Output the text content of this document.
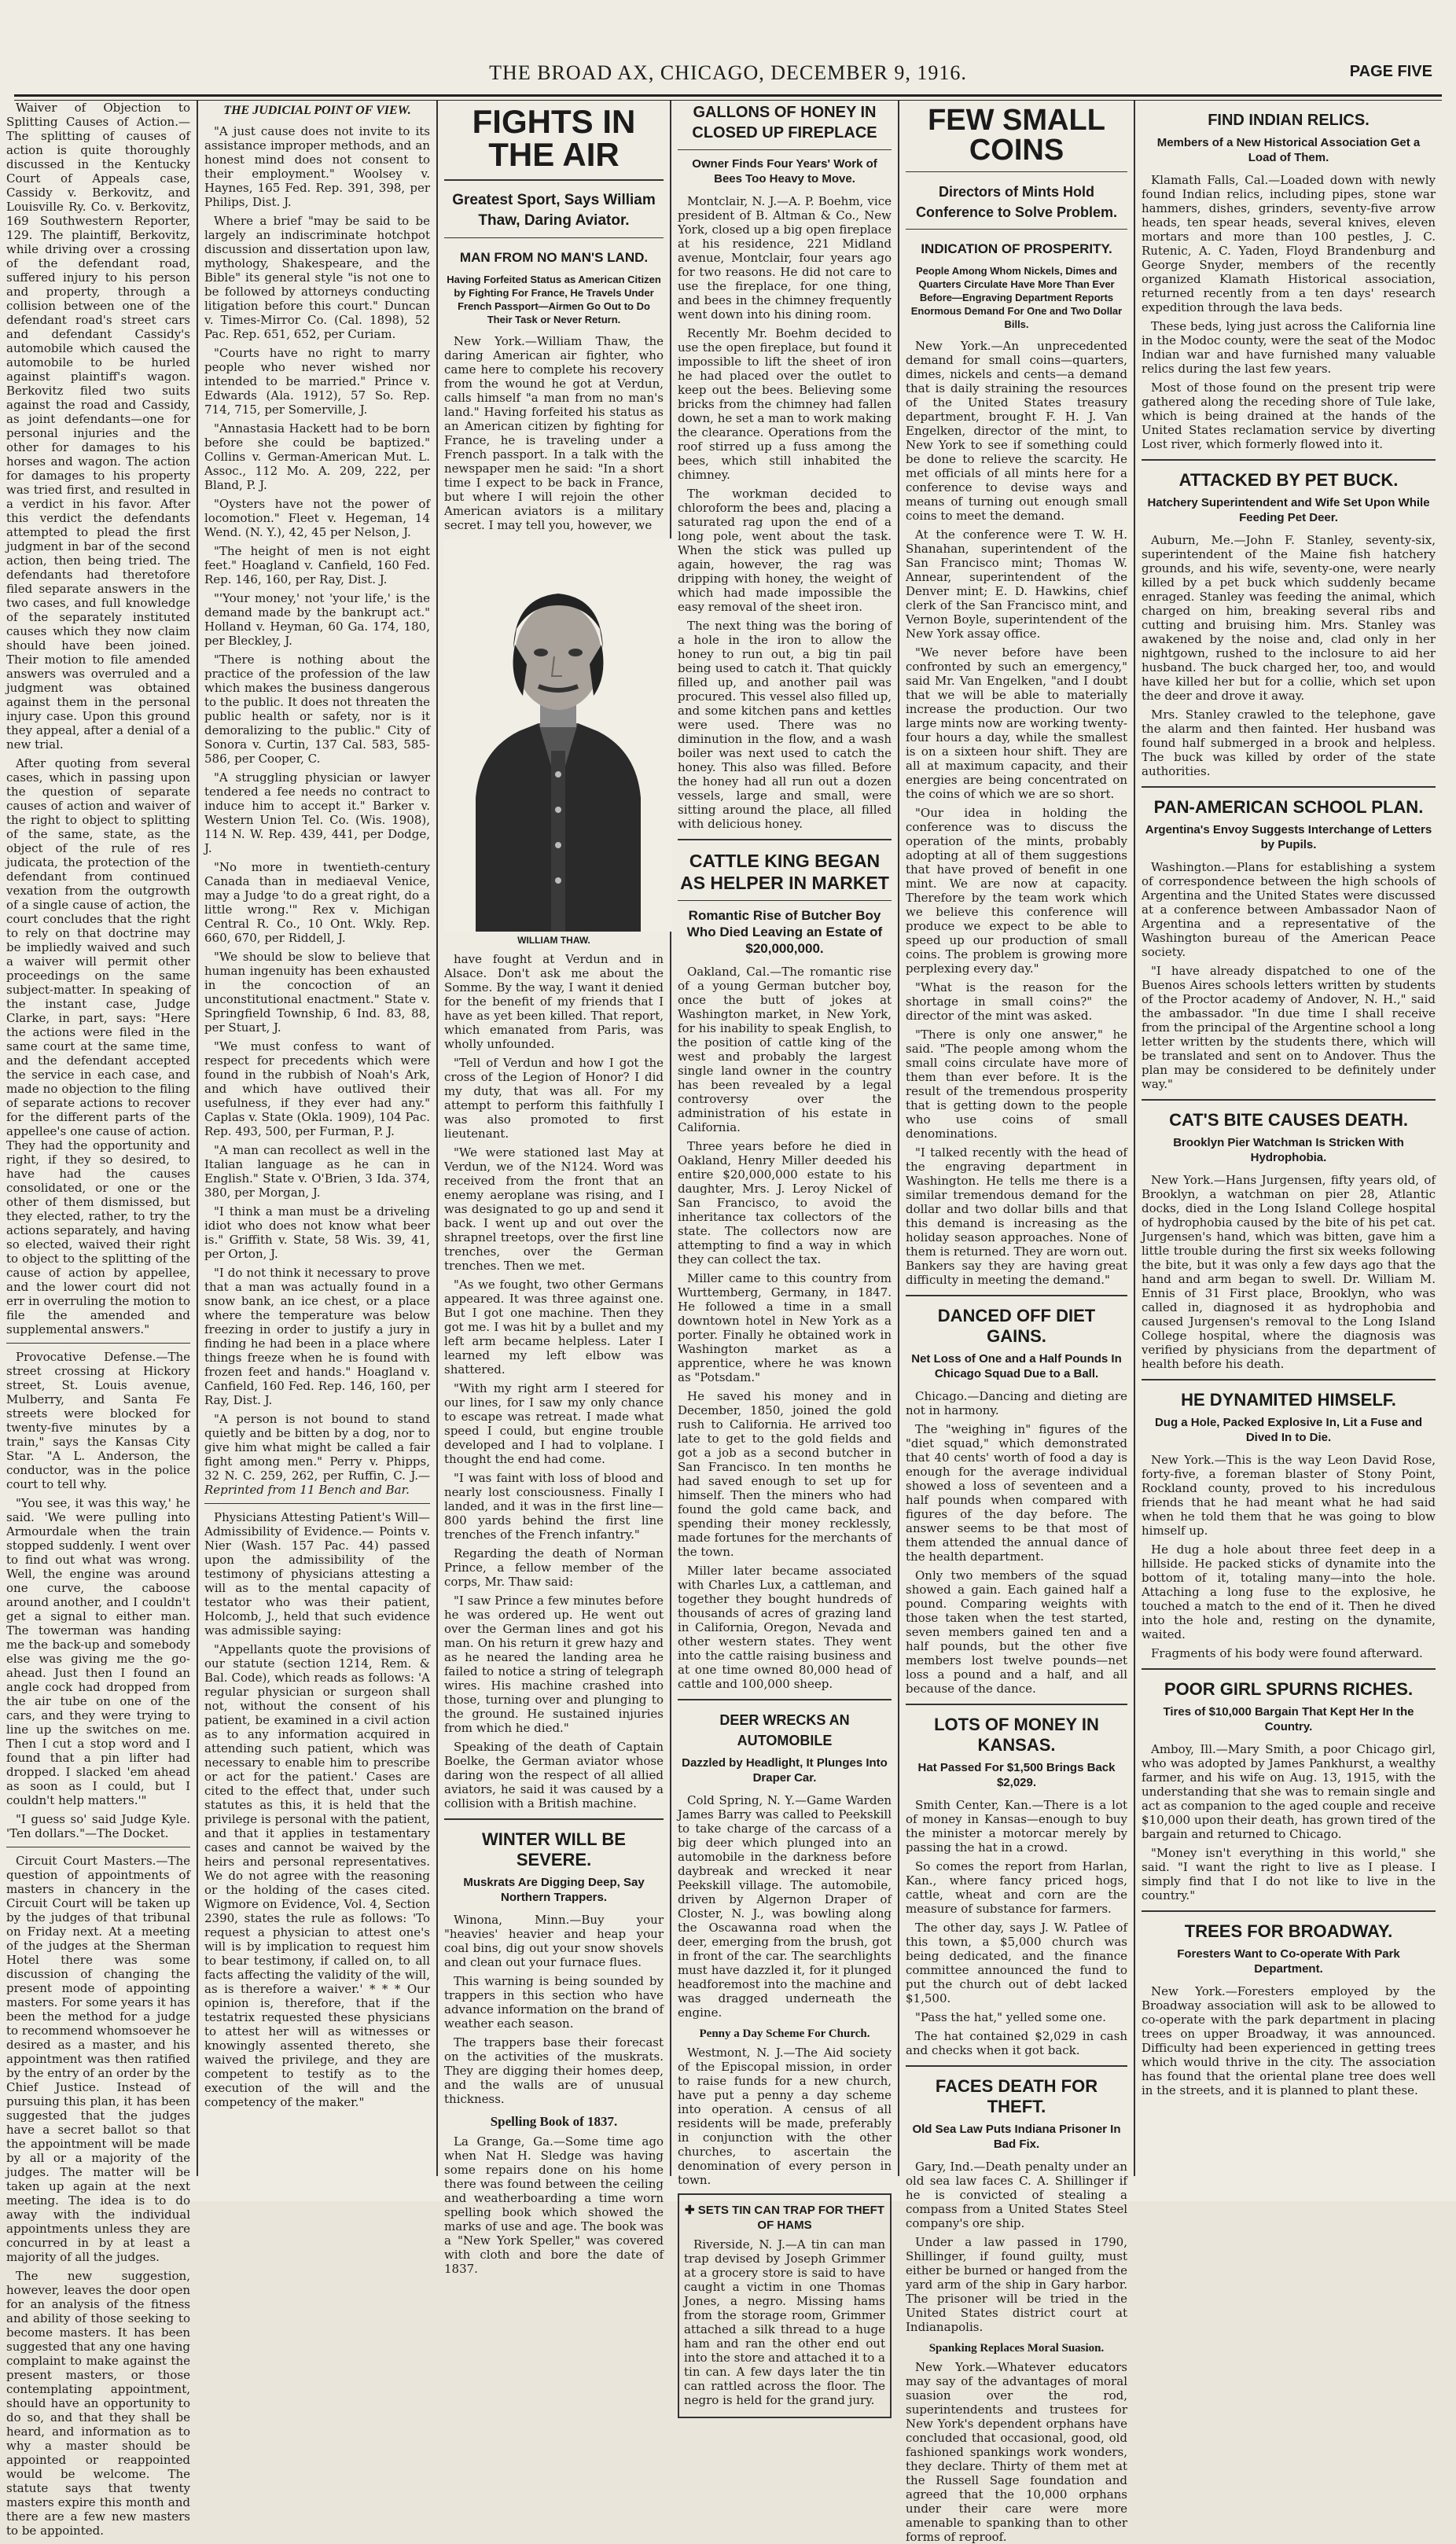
THE BROAD AX, CHICAGO, DECEMBER 9, 1916.	PAGE FIVE

Waiver of Objection to Splitting Causes of Action.—The splitting of causes of action is quite thoroughly discussed in the Kentucky Court of Appeals case, Cassidy v. Berkovitz, and Louisville Ry. Co. v. Berkovitz, 169 Southwestern Reporter, 129. The plaintiff, Berkovitz, while driving over a crossing of the defendant road, suffered injury to his person and property, through a collision between one of the defendant road's street cars and defendant Cassidy's automobile which caused the automobile to be hurled against plaintiff's wagon. Berkovitz filed two suits against the road and Cassidy, as joint defendants—one for personal injuries and the other for damages to his horses and wagon. The action for damages to his property was tried first, and resulted in a verdict in his favor. After this verdict the defendants attempted to plead the first judgment in bar of the second action, then being tried. The defendants had theretofore filed separate answers in the two cases, and full knowledge of the separately instituted causes which they now claim should have been joined. Their motion to file amended answers was overruled and a judgment was obtained against them in the personal injury case. Upon this ground they appeal, after a denial of a new trial.

After quoting from several cases, which in passing upon the question of separate causes of action and waiver of the right to object to splitting of the same, state, as the object of the rule of res judicata, the protection of the defendant from continued vexation from the outgrowth of a single cause of action, the court concludes that the right to rely on that doctrine may be impliedly waived and such a waiver will permit other proceedings on the same subject-matter. In speaking of the instant case, Judge Clarke, in part, says: "Here the actions were filed in the same court at the same time, and the defendant accepted the service in each case, and made no objection to the filing of separate actions to recover for the different parts of the appellee's one cause of action. They had the opportunity and right, if they so desired, to have had the causes consolidated, or one or the other of them dismissed, but they elected, rather, to try the actions separately, and having so elected, waived their right to object to the splitting of the cause of action by appellee, and the lower court did not err in overruling the motion to file the amended and supplemental answers."

Provocative Defense.—The street crossing at Hickory street, St. Louis avenue, Mulberry, and Santa Fe streets were blocked for twenty-five minutes by a train," says the Kansas City Star. "A L. Anderson, the conductor, was in the police court to tell why.

"You see, it was this way,' he said. 'We were pulling into Armourdale when the train stopped suddenly. I went over to find out what was wrong. Well, the engine was around one curve, the caboose around another, and I couldn't get a signal to either man. The towerman was handing me the back-up and somebody else was giving me the go-ahead. Just then I found an angle cock had dropped from the air tube on one of the cars, and they were trying to line up the switches on me. Then I cut a stop word and I found that a pin lifter had dropped. I slacked 'em ahead as soon as I could, but I couldn't help matters.'"

"I guess so' said Judge Kyle. 'Ten dollars."—The Docket.

Circuit Court Masters.—The question of appointments of masters in chancery in the Circuit Court will be taken up by the judges of that tribunal on Friday next. At a meeting of the judges at the Sherman Hotel there was some discussion of changing the present mode of appointing masters. For some years it has been the method for a judge to recommend whomsoever he desired as a master, and his appointment was then ratified by the entry of an order by the Chief Justice. Instead of pursuing this plan, it has been suggested that the judges have a secret ballot so that the appointment will be made by all or a majority of the judges. The matter will be taken up again at the next meeting. The idea is to do away with the individual appointments unless they are concurred in by at least a majority of all the judges.

The new suggestion, however, leaves the door open for an analysis of the fitness and ability of those seeking to become masters. It has been suggested that any one having complaint to make against the present masters, or those contemplating appointment, should have an opportunity to do so, and that they shall be heard, and information as to why a master should be appointed or reappointed would be welcome. The statute says that twenty masters expire this month and there are a few new masters to be appointed.

THE JUDICIAL POINT OF VIEW.

"A just cause does not invite to its assistance improper methods, and an honest mind does not consent to their employment." Woolsey v. Haynes, 165 Fed. Rep. 391, 398, per Philips, Dist. J.

Where a brief "may be said to be largely an indiscriminate hotchpot discussion and dissertation upon law, mythology, Shakespeare, and the Bible" its general style "is not one to be followed by attorneys conducting litigation before this court." Duncan v. Times-Mirror Co. (Cal. 1898), 52 Pac. Rep. 651, 652, per Curiam.

"Courts have no right to marry people who never wished nor intended to be married." Prince v. Edwards (Ala. 1912), 57 So. Rep. 714, 715, per Somerville, J.

"Annastasia Hackett had to be born before she could be baptized." Collins v. German-American Mut. L. Assoc., 112 Mo. A. 209, 222, per Bland, P. J.

"Oysters have not the power of locomotion." Fleet v. Hegeman, 14 Wend. (N. Y.), 42, 45 per Nelson, J.

"The height of men is not eight feet." Hoagland v. Canfield, 160 Fed. Rep. 146, 160, per Ray, Dist. J.

"'Your money,' not 'your life,' is the demand made by the bankrupt act." Holland v. Heyman, 60 Ga. 174, 180, per Bleckley, J.

"There is nothing about the practice of the profession of the law which makes the business dangerous to the public. It does not threaten the public health or safety, nor is it demoralizing to the public." City of Sonora v. Curtin, 137 Cal. 583, 585-586, per Cooper, C.

"A struggling physician or lawyer tendered a fee needs no contract to induce him to accept it." Barker v. Western Union Tel. Co. (Wis. 1908), 114 N. W. Rep. 439, 441, per Dodge, J.

"No more in twentieth-century Canada than in mediaeval Venice, may a Judge 'to do a great right, do a little wrong.'" Rex v. Michigan Central R. Co., 10 Ont. Wkly. Rep. 660, 670, per Riddell, J.

"We should be slow to believe that human ingenuity has been exhausted in the concoction of an unconstitutional enactment." State v. Springfield Township, 6 Ind. 83, 88, per Stuart, J.

"We must confess to want of respect for precedents which were found in the rubbish of Noah's Ark, and which have outlived their usefulness, if they ever had any." Caplas v. State (Okla. 1909), 104 Pac. Rep. 493, 500, per Furman, P. J.

"A man can recollect as well in the Italian language as he can in English." State v. O'Brien, 3 Ida. 374, 380, per Morgan, J.

"I think a man must be a driveling idiot who does not know what beer is." Griffith v. State, 58 Wis. 39, 41, per Orton, J.

"I do not think it necessary to prove that a man was actually found in a snow bank, an ice chest, or a place where the temperature was below freezing in order to justify a jury in finding he had been in a place where things freeze when he is found with frozen feet and hands." Hoagland v. Canfield, 160 Fed. Rep. 146, 160, per Ray, Dist. J.

"A person is not bound to stand quietly and be bitten by a dog, nor to give him what might be called a fair fight among men." Perry v. Phipps, 32 N. C. 259, 262, per Ruffin, C. J.— Reprinted from 11 Bench and Bar.

Physicians Attesting Patient's Will—Admissibility of Evidence.— Points v. Nier (Wash. 157 Pac. 44) passed upon the admissibility of the testimony of physicians attesting a will as to the mental capacity of testator who was their patient, Holcomb, J., held that such evidence was admissible saying:

"Appellants quote the provisions of our statute (section 1214, Rem. & Bal. Code), which reads as follows: 'A regular physician or surgeon shall not, without the consent of his patient, be examined in a civil action as to any information acquired in attending such patient, which was necessary to enable him to prescribe or act for the patient.' Cases are cited to the effect that, under such statutes as this, it is held that the privilege is personal with the patient, and that it applies in testamentary cases and cannot be waived by the heirs and personal representatives. We do not agree with the reasoning or the holding of the cases cited. Wigmore on Evidence, Vol. 4, Section 2390, states the rule as follows: 'To request a physician to attest one's will is by implication to request him to bear testimony, if called on, to all facts affecting the validity of the will, as is therefore a waiver.' * * * Our opinion is, therefore, that if the testatrix requested these physicians to attest her will as witnesses or knowingly assented thereto, she waived the privilege, and they are competent to testify as to the execution of the will and the competency of the maker."

FIGHTS IN THE AIR
Greatest Sport, Says William Thaw, Daring Aviator.
MAN FROM NO MAN'S LAND.
Having Forfeited Status as American Citizen by Fighting For France, He Travels Under French Passport—Airmen Go Out to Do Their Task or Never Return.

New York.—William Thaw, the daring American air fighter, who came here to complete his recovery from the wound he got at Verdun, calls himself "a man from no man's land." Having forfeited his status as an American citizen by fighting for France, he is traveling under a French passport. In a talk with the newspaper men he said: "In a short time I expect to be back in France, but where I will rejoin the other American aviators is a military secret. I may tell you, however, we

WILLIAM THAW.

have fought at Verdun and in Alsace. Don't ask me about the Somme. By the way, I want it denied for the benefit of my friends that I have as yet been killed. That report, which emanated from Paris, was wholly unfounded.

"Tell of Verdun and how I got the cross of the Legion of Honor? I did my duty, that was all. For my attempt to perform this faithfully I was also promoted to first lieutenant.

"We were stationed last May at Verdun, we of the N124. Word was received from the front that an enemy aeroplane was rising, and I was designated to go up and send it back. I went up and out over the shrapnel treetops, over the first line trenches, over the German trenches. Then we met.

"As we fought, two other Germans appeared. It was three against one. But I got one machine. Then they got me. I was hit by a bullet and my left arm became helpless. Later I learned my left elbow was shattered.

"With my right arm I steered for our lines, for I saw my only chance to escape was retreat. I made what speed I could, but engine trouble developed and I had to volplane. I thought the end had come.

"I was faint with loss of blood and nearly lost consciousness. Finally I landed, and it was in the first line—800 yards behind the first line trenches of the French infantry."

Regarding the death of Norman Prince, a fellow member of the corps, Mr. Thaw said:

"I saw Prince a few minutes before he was ordered up. He went out over the German lines and got his man. On his return it grew hazy and as he neared the landing area he failed to notice a string of telegraph wires. His machine crashed into those, turning over and plunging to the ground. He sustained injuries from which he died."

Speaking of the death of Captain Boelke, the German aviator whose daring won the respect of all allied aviators, he said it was caused by a collision with a British machine.

WINTER WILL BE SEVERE.
Muskrats Are Digging Deep, Say Northern Trappers.

Winona, Minn.—Buy your "heavies' heavier and heap your coal bins, dig out your snow shovels and clean out your furnace flues.

This warning is being sounded by trappers in this section who have advance information on the brand of weather each season.

The trappers base their forecast on the activities of the muskrats. They are digging their homes deep, and the walls are of unusual thickness.

Spelling Book of 1837.

La Grange, Ga.—Some time ago when Nat H. Sledge was having some repairs done on his home there was found between the ceiling and weatherboarding a time worn spelling book which showed the marks of use and age. The book was a "New York Speller," was covered with cloth and bore the date of 1837.

GALLONS OF HONEY IN CLOSED UP FIREPLACE
Owner Finds Four Years' Work of Bees Too Heavy to Move.

Montclair, N. J.—A. P. Boehm, vice president of B. Altman & Co., New York, closed up a big open fireplace at his residence, 221 Midland avenue, Montclair, four years ago for two reasons. He did not care to use the fireplace, for one thing, and bees in the chimney frequently went down into his dining room.

Recently Mr. Boehm decided to use the open fireplace, but found it impossible to lift the sheet of iron he had placed over the outlet to keep out the bees. Believing some bricks from the chimney had fallen down, he set a man to work making the clearance. Operations from the roof stirred up a fuss among the bees, which still inhabited the chimney.

The workman decided to chloroform the bees and, placing a saturated rag upon the end of a long pole, went about the task. When the stick was pulled up again, however, the rag was dripping with honey, the weight of which had made impossible the easy removal of the sheet iron.

The next thing was the boring of a hole in the iron to allow the honey to run out, a big tin pail being used to catch it. That quickly filled up, and another pail was procured. This vessel also filled up, and some kitchen pans and kettles were used. There was no diminution in the flow, and a wash boiler was next used to catch the honey. This also was filled. Before the honey had all run out a dozen vessels, large and small, were sitting around the place, all filled with delicious honey.

CATTLE KING BEGAN AS HELPER IN MARKET
Romantic Rise of Butcher Boy Who Died Leaving an Estate of $20,000,000.

Oakland, Cal.—The romantic rise of a young German butcher boy, once the butt of jokes at Washington market, in New York, for his inability to speak English, to the position of cattle king of the west and probably the largest single land owner in the country has been revealed by a legal controversy over the administration of his estate in California.

Three years before he died in Oakland, Henry Miller deeded his entire $20,000,000 estate to his daughter, Mrs. J. Leroy Nickel of San Francisco, to avoid the inheritance tax collectors of the state. The collectors now are attempting to find a way in which they can collect the tax.

Miller came to this country from Wurttemberg, Germany, in 1847. He followed a time in a small downtown hotel in New York as a porter. Finally he obtained work in Washington market as a apprentice, where he was known as "Potsdam."

He saved his money and in December, 1850, joined the gold rush to California. He arrived too late to get to the gold fields and got a job as a second butcher in San Francisco. In ten months he had saved enough to set up for himself. Then the miners who had found the gold came back, and spending their money recklessly, made fortunes for the merchants of the town.

Miller later became associated with Charles Lux, a cattleman, and together they bought hundreds of thousands of acres of grazing land in California, Oregon, Nevada and other western states. They went into the cattle raising business and at one time owned 80,000 head of cattle and 100,000 sheep.

DEER WRECKS AN AUTOMOBILE
Dazzled by Headlight, It Plunges Into Draper Car.

Cold Spring, N. Y.—Game Warden James Barry was called to Peekskill to take charge of the carcass of a big deer which plunged into an automobile in the darkness before daybreak and wrecked it near Peekskill village. The automobile, driven by Algernon Draper of Closter, N. J., was bowling along the Oscawanna road when the deer, emerging from the brush, got in front of the car. The searchlights must have dazzled it, for it plunged headforemost into the machine and was dragged underneath the engine.

Penny a Day Scheme For Church.

Westmont, N. J.—The Aid society of the Episcopal mission, in order to raise funds for a new church, have put a penny a day scheme into operation. A census of all residents will be made, preferably in conjunction with the other churches, to ascertain the denomination of every person in town.

✚ SETS TIN CAN TRAP FOR THEFT OF HAMS

Riverside, N. J.—A tin can man trap devised by Joseph Grimmer at a grocery store is said to have caught a victim in one Thomas Jones, a negro. Missing hams from the storage room, Grimmer attached a silk thread to a huge ham and ran the other end out into the store and attached it to a tin can. A few days later the tin can rattled across the floor. The negro is held for the grand jury.

FEW SMALL COINS
Directors of Mints Hold Conference to Solve Problem.
INDICATION OF PROSPERITY.
People Among Whom Nickels, Dimes and Quarters Circulate Have More Than Ever Before—Engraving Department Reports Enormous Demand For One and Two Dollar Bills.

New York.—An unprecedented demand for small coins—quarters, dimes, nickels and cents—a demand that is daily straining the resources of the United States treasury department, brought F. H. J. Van Engelken, director of the mint, to New York to see if something could be done to relieve the scarcity. He met officials of all mints here for a conference to devise ways and means of turning out enough small coins to meet the demand.

At the conference were T. W. H. Shanahan, superintendent of the San Francisco mint; Thomas W. Annear, superintendent of the Denver mint; E. D. Hawkins, chief clerk of the San Francisco mint, and Vernon Boyle, superintendent of the New York assay office.

"We never before have been confronted by such an emergency," said Mr. Van Engelken, "and I doubt that we will be able to materially increase the production. Our two large mints now are working twenty-four hours a day, while the smallest is on a sixteen hour shift. They are all at maximum capacity, and their energies are being concentrated on the coins of which we are so short.

"Our idea in holding the conference was to discuss the operation of the mints, probably adopting at all of them suggestions that have proved of benefit in one mint. We are now at capacity. Therefore by the team work which we believe this conference will produce we expect to be able to speed up our production of small coins. The problem is growing more perplexing every day."

"What is the reason for the shortage in small coins?" the director of the mint was asked.

"There is only one answer," he said. "The people among whom the small coins circulate have more of them than ever before. It is the result of the tremendous prosperity that is getting down to the people who use coins of small denominations.

"I talked recently with the head of the engraving department in Washington. He tells me there is a similar tremendous demand for the dollar and two dollar bills and that this demand is increasing as the holiday season approaches. None of them is returned. They are worn out. Bankers say they are having great difficulty in meeting the demand."

DANCED OFF DIET GAINS.
Net Loss of One and a Half Pounds In Chicago Squad Due to a Ball.

Chicago.—Dancing and dieting are not in harmony.

The "weighing in" figures of the "diet squad," which demonstrated that 40 cents' worth of food a day is enough for the average individual showed a loss of seventeen and a half pounds when compared with figures of the day before. The answer seems to be that most of them attended the annual dance of the health department.

Only two members of the squad showed a gain. Each gained half a pound. Comparing weights with those taken when the test started, seven members gained ten and a half pounds, but the other five members lost twelve pounds—net loss a pound and a half, and all because of the dance.

LOTS OF MONEY IN KANSAS.
Hat Passed For $1,500 Brings Back $2,029.

Smith Center, Kan.—There is a lot of money in Kansas—enough to buy the minister a motorcar merely by passing the hat in a crowd.

So comes the report from Harlan, Kan., where fancy priced hogs, cattle, wheat and corn are the measure of substance for farmers.

The other day, says J. W. Patlee of this town, a $5,000 church was being dedicated, and the finance committee announced the fund to put the church out of debt lacked $1,500.

"Pass the hat," yelled some one.

The hat contained $2,029 in cash and checks when it got back.

FACES DEATH FOR THEFT.
Old Sea Law Puts Indiana Prisoner In Bad Fix.

Gary, Ind.—Death penalty under an old sea law faces C. A. Shillinger if he is convicted of stealing a compass from a United States Steel company's ore ship.

Under a law passed in 1790, Shillinger, if found guilty, must either be burned or hanged from the yard arm of the ship in Gary harbor. The prisoner will be tried in the United States district court at Indianapolis.

Spanking Replaces Moral Suasion.

New York.—Whatever educators may say of the advantages of moral suasion over the rod, superintendents and trustees for New York's dependent orphans have concluded that occasional, good, old fashioned spankings work wonders, they declare. Thirty of them met at the Russell Sage foundation and agreed that the 10,000 orphans under their care were more amenable to spanking than to other forms of reproof.

FIND INDIAN RELICS.
Members of a New Historical Association Get a Load of Them.

Klamath Falls, Cal.—Loaded down with newly found Indian relics, including pipes, stone war hammers, dishes, grinders, seventy-five arrow heads, ten spear heads, several knives, eleven mortars and more than 100 pestles, J. C. Rutenic, A. C. Yaden, Floyd Brandenburg and George Snyder, members of the recently organized Klamath Historical association, returned recently from a ten days' research expedition through the lava beds.

These beds, lying just across the California line in the Modoc county, were the seat of the Modoc Indian war and have furnished many valuable relics during the last few years.

Most of those found on the present trip were gathered along the receding shore of Tule lake, which is being drained at the hands of the United States reclamation service by diverting Lost river, which formerly flowed into it.

ATTACKED BY PET BUCK.
Hatchery Superintendent and Wife Set Upon While Feeding Pet Deer.

Auburn, Me.—John F. Stanley, seventy-six, superintendent of the Maine fish hatchery grounds, and his wife, seventy-one, were nearly killed by a pet buck which suddenly became enraged. Stanley was feeding the animal, which charged on him, breaking several ribs and cutting and bruising him. Mrs. Stanley was awakened by the noise and, clad only in her nightgown, rushed to the inclosure to aid her husband. The buck charged her, too, and would have killed her but for a collie, which set upon the deer and drove it away.

Mrs. Stanley crawled to the telephone, gave the alarm and then fainted. Her husband was found half submerged in a brook and helpless. The buck was killed by order of the state authorities.

PAN-AMERICAN SCHOOL PLAN.
Argentina's Envoy Suggests Interchange of Letters by Pupils.

Washington.—Plans for establishing a system of correspondence between the high schools of Argentina and the United States were discussed at a conference between Ambassador Naon of Argentina and a representative of the Washington bureau of the American Peace society.

"I have already dispatched to one of the Buenos Aires schools letters written by students of the Proctor academy of Andover, N. H.," said the ambassador. "In due time I shall receive from the principal of the Argentine school a long letter written by the students there, which will be translated and sent on to Andover. Thus the plan may be considered to be definitely under way."

CAT'S BITE CAUSES DEATH.
Brooklyn Pier Watchman Is Stricken With Hydrophobia.

New York.—Hans Jurgensen, fifty years old, of Brooklyn, a watchman on pier 28, Atlantic docks, died in the Long Island College hospital of hydrophobia caused by the bite of his pet cat. Jurgensen's hand, which was bitten, gave him a little trouble during the first six weeks following the bite, but it was only a few days ago that the hand and arm began to swell. Dr. William M. Ennis of 31 First place, Brooklyn, who was called in, diagnosed it as hydrophobia and caused Jurgensen's removal to the Long Island College hospital, where the diagnosis was verified by physicians from the department of health before his death.

HE DYNAMITED HIMSELF.
Dug a Hole, Packed Explosive In, Lit a Fuse and Dived In to Die.

New York.—This is the way Leon David Rose, forty-five, a foreman blaster of Stony Point, Rockland county, proved to his incredulous friends that he had meant what he had said when he told them that he was going to blow himself up.

He dug a hole about three feet deep in a hillside. He packed sticks of dynamite into the bottom of it, totaling many—into the hole. Attaching a long fuse to the explosive, he touched a match to the end of it. Then he dived into the hole and, resting on the dynamite, waited.

Fragments of his body were found afterward.

POOR GIRL SPURNS RICHES.
Tires of $10,000 Bargain That Kept Her In the Country.

Amboy, Ill.—Mary Smith, a poor Chicago girl, who was adopted by James Pankhurst, a wealthy farmer, and his wife on Aug. 13, 1915, with the understanding that she was to remain single and act as companion to the aged couple and receive $10,000 upon their death, has grown tired of the bargain and returned to Chicago.

"Money isn't everything in this world," she said. "I want the right to live as I please. I simply find that I do not like to live in the country."

TREES FOR BROADWAY.
Foresters Want to Co-operate With Park Department.

New York.—Foresters employed by the Broadway association will ask to be allowed to co-operate with the park department in placing trees on upper Broadway, it was announced. Difficulty had been experienced in getting trees which would thrive in the city. The association has found that the oriental plane tree does well in the streets, and it is planned to plant these.
